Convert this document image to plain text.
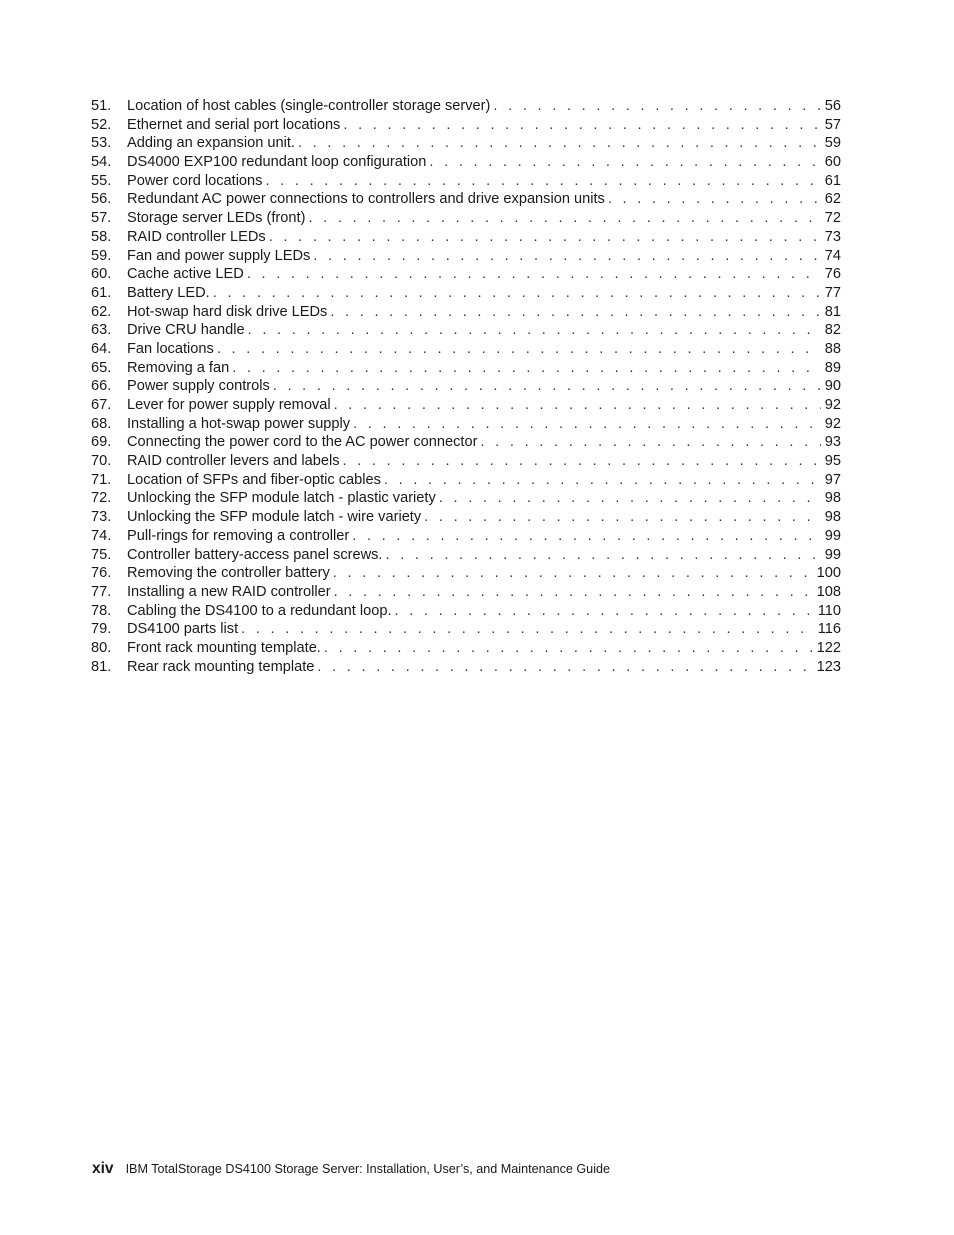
51.	Location of host cables (single-controller storage server) . . .	56
52.	Ethernet and serial port locations . . .	57
53.	Adding an expansion unit. . . .	59
54.	DS4000 EXP100 redundant loop configuration . . .	60
55.	Power cord locations . . .	61
56.	Redundant AC power connections to controllers and drive expansion units . . .	62
57.	Storage server LEDs (front) . . .	72
58.	RAID controller LEDs . . .	73
59.	Fan and power supply LEDs . . .	74
60.	Cache active LED . . .	76
61.	Battery LED. . . .	77
62.	Hot-swap hard disk drive LEDs . . .	81
63.	Drive CRU handle . . .	82
64.	Fan locations . . .	88
65.	Removing a fan . . .	89
66.	Power supply controls . . .	90
67.	Lever for power supply removal . . .	92
68.	Installing a hot-swap power supply . . .	92
69.	Connecting the power cord to the AC power connector . . .	93
70.	RAID controller levers and labels . . .	95
71.	Location of SFPs and fiber-optic cables . . .	97
72.	Unlocking the SFP module latch - plastic variety . . .	98
73.	Unlocking the SFP module latch - wire variety . . .	98
74.	Pull-rings for removing a controller . . .	99
75.	Controller battery-access panel screws. . . .	99
76.	Removing the controller battery . . .	100
77.	Installing a new RAID controller . . .	108
78.	Cabling the DS4100 to a redundant loop. . . .	110
79.	DS4100 parts list . . .	116
80.	Front rack mounting template. . . .	122
81.	Rear rack mounting template . . .	123
xiv IBM TotalStorage DS4100 Storage Server: Installation, User’s, and Maintenance Guide
